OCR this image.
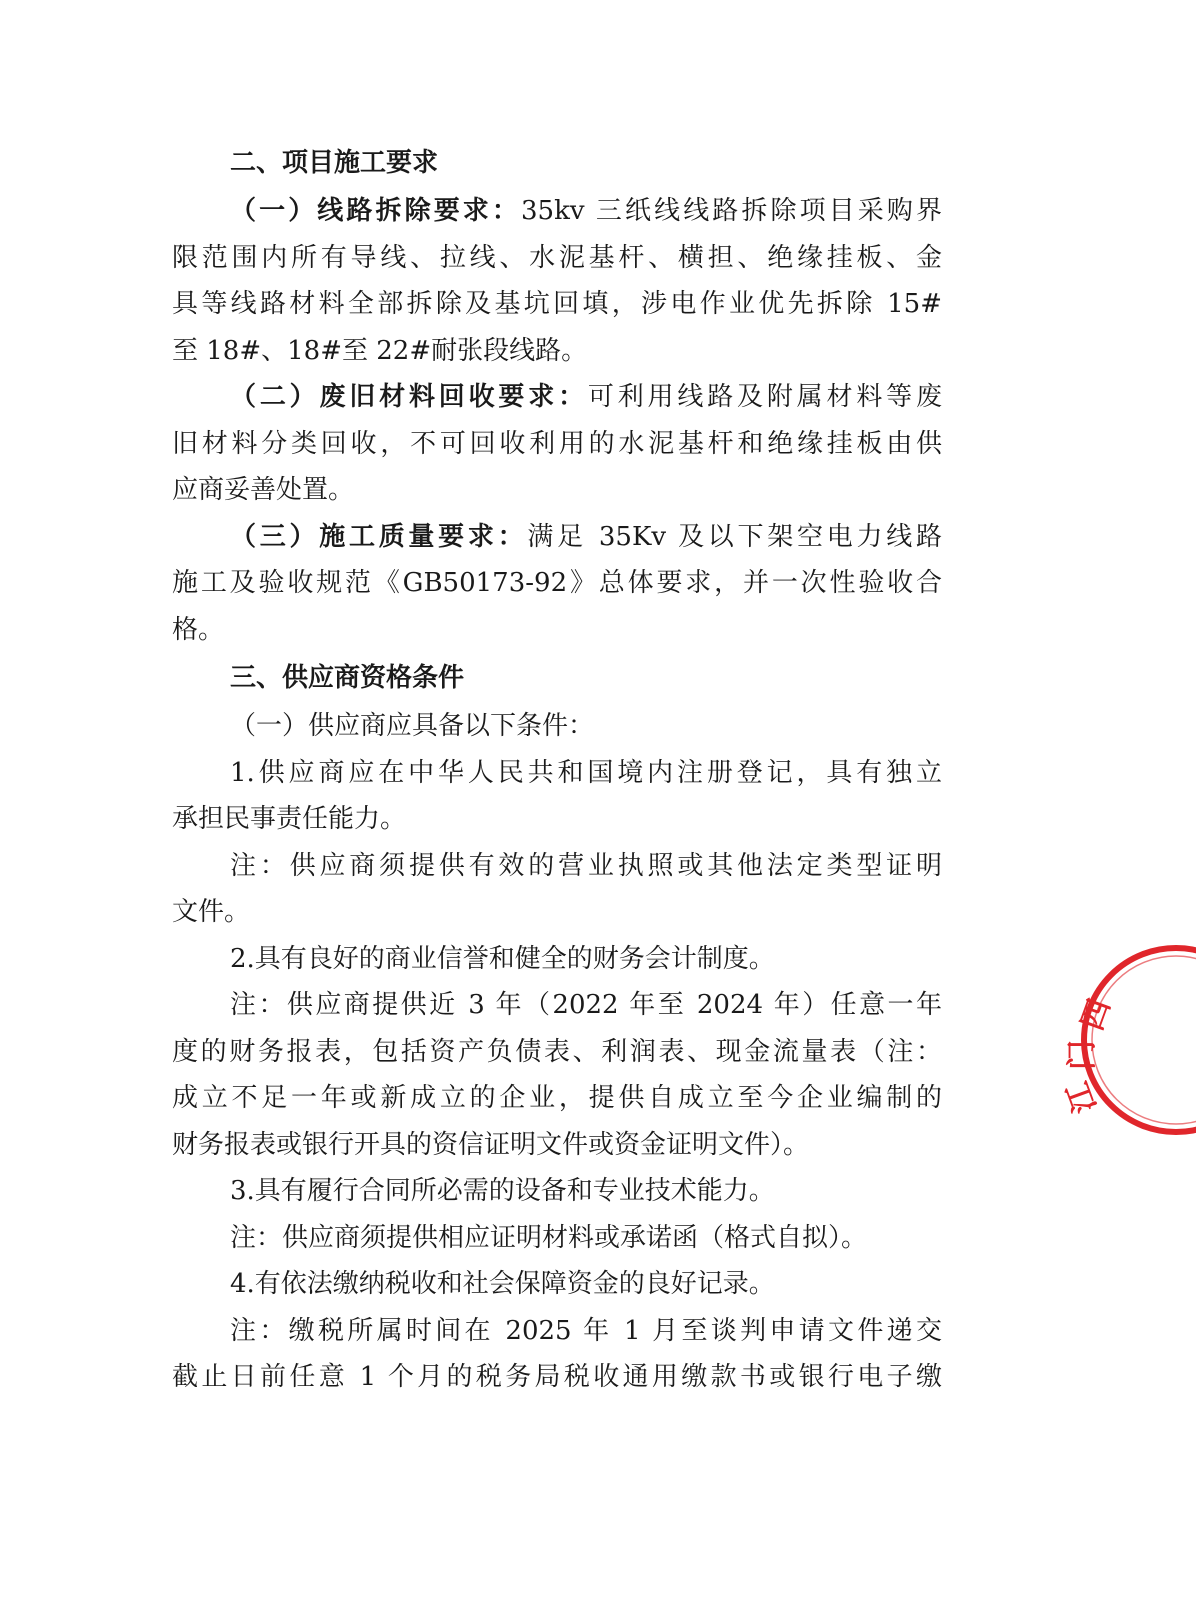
二、项目施工要求
（一）线路拆除要求：35kv 三纸线线路拆除项目采购界
限范围内所有导线、拉线、水泥基杆、横担、绝缘挂板、金
具等线路材料全部拆除及基坑回填，涉电作业优先拆除 15#
至 18#、18#至 22#耐张段线路。
（二）废旧材料回收要求：可利用线路及附属材料等废
旧材料分类回收，不可回收利用的水泥基杆和绝缘挂板由供
应商妥善处置。
（三）施工质量要求：满足 35Kv 及以下架空电力线路
施工及验收规范《GB50173-92》总体要求，并一次性验收合
格。
三、供应商资格条件
（一）供应商应具备以下条件：
1.供应商应在中华人民共和国境内注册登记，具有独立
承担民事责任能力。
注：供应商须提供有效的营业执照或其他法定类型证明
文件。
2.具有良好的商业信誉和健全的财务会计制度。
注：供应商提供近 3 年（2022 年至 2024 年）任意一年
度的财务报表，包括资产负债表、利润表、现金流量表（注：
成立不足一年或新成立的企业，提供自成立至今企业编制的
财务报表或银行开具的资信证明文件或资金证明文件）。
3.具有履行合同所必需的设备和专业技术能力。
注：供应商须提供相应证明材料或承诺函（格式自拟）。
4.有依法缴纳税收和社会保障资金的良好记录。
注：缴税所属时间在 2025 年 1 月至谈判申请文件递交
截止日前任意 1 个月的税务局税收通用缴款书或银行电子缴
四
门
江
